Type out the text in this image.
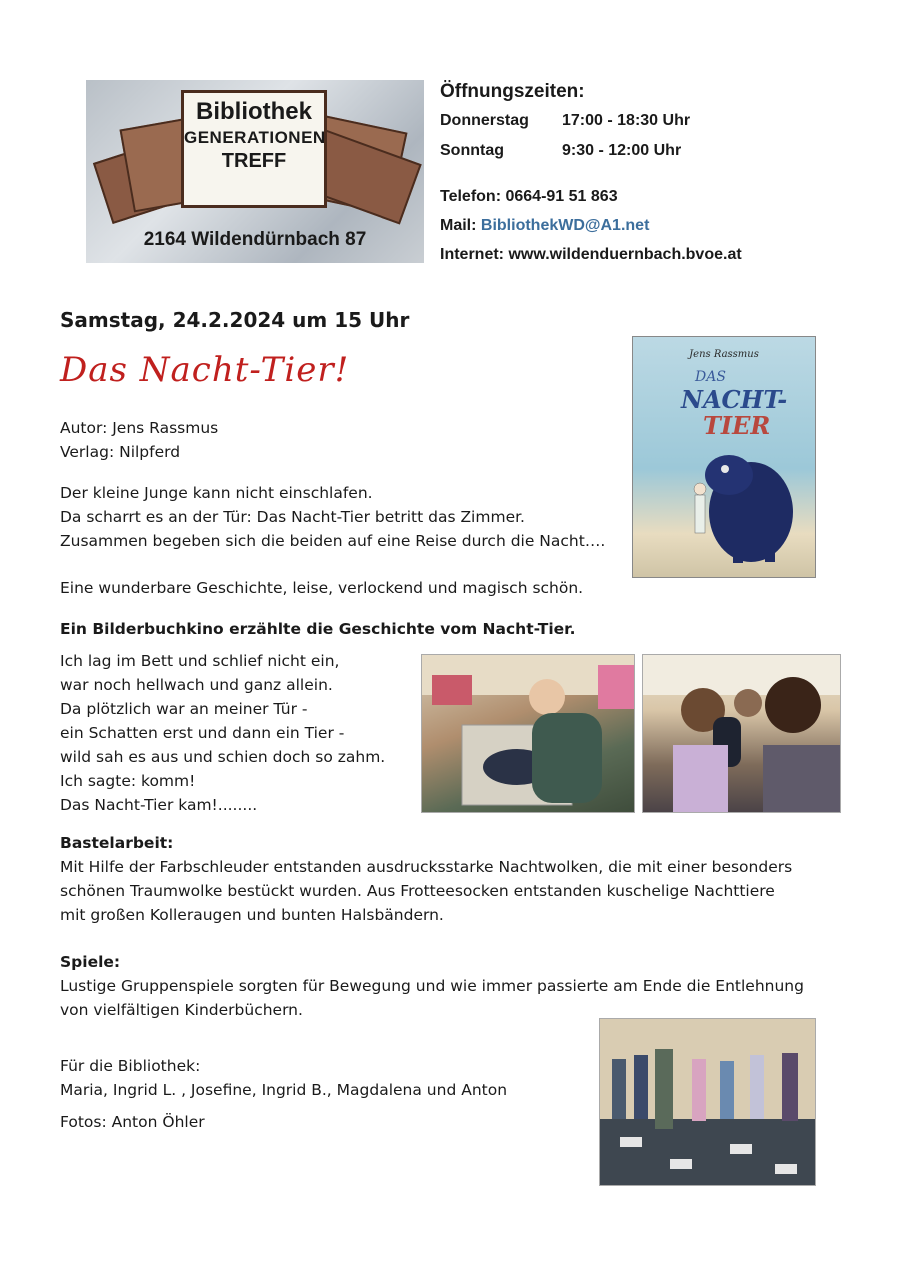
Bibliothek
GENERATIONEN
TREFF
2164 Wildendürnbach 87
Öffnungszeiten:
Donnerstag 17:00 - 18:30 Uhr
Sonntag	9:30 - 12:00 Uhr
Telefon: 0664-91 51 863
Mail: BibliothekWD@A1.net
Internet: www.wildenduernbach.bvoe.at
Samstag, 24.2.2024 um 15 Uhr
Das Nacht-Tier!
Autor: Jens Rassmus
Verlag: Nilpferd
Der kleine Junge kann nicht einschlafen.
Da scharrt es an der Tür: Das Nacht-Tier betritt das Zimmer.
Zusammen begeben sich die beiden auf eine Reise durch die Nacht….
Eine wunderbare Geschichte, leise, verlockend und magisch schön.
Jens Rassmus
DAS
NACHT-
TIER
Ein Bilderbuchkino erzählte die Geschichte vom Nacht-Tier.
Ich lag im Bett und schlief nicht ein,
war noch hellwach und ganz allein.
Da plötzlich war an meiner Tür -
ein Schatten erst und dann ein Tier -
wild sah es aus und schien doch so zahm.
Ich sagte: komm!
Das Nacht-Tier kam!........
Bastelarbeit:
Mit Hilfe der Farbschleuder entstanden ausdrucksstarke Nachtwolken, die mit einer besonders
schönen Traumwolke bestückt wurden. Aus Frotteesocken entstanden kuschelige Nachttiere
mit großen Kolleraugen und bunten Halsbändern.
Spiele:
Lustige Gruppenspiele sorgten für Bewegung und wie immer passierte am Ende die Entlehnung
von vielfältigen Kinderbüchern.
Für die Bibliothek:
Maria, Ingrid L. , Josefine, Ingrid B., Magdalena und Anton
Fotos: Anton Öhler
